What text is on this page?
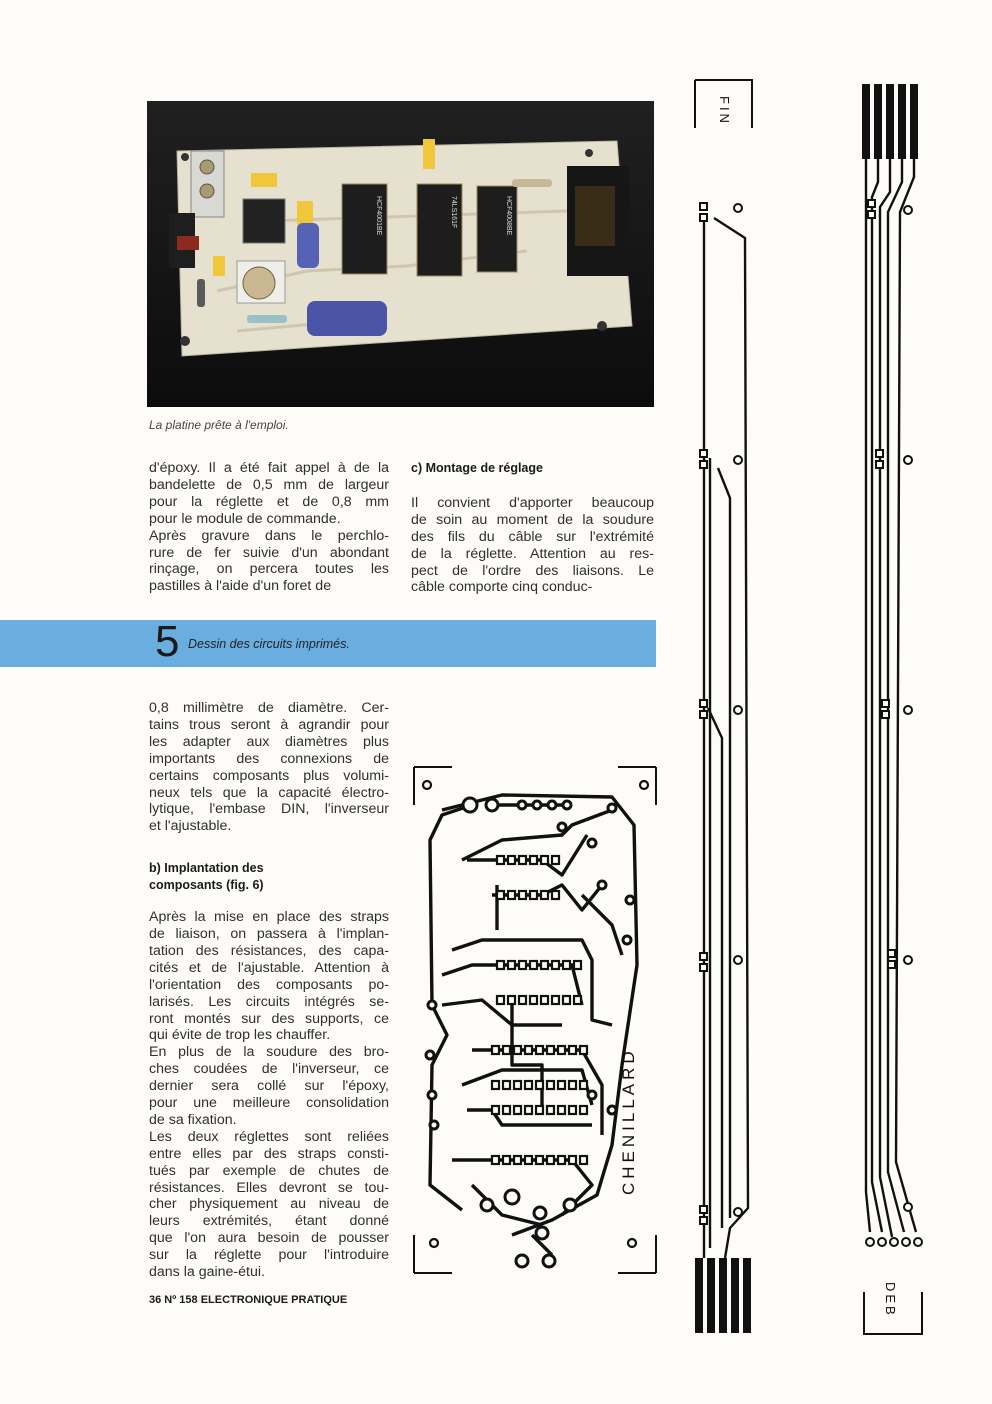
HCF4001BE	74LS161F	HCF4008BE
La platine prête à l'emploi.

d'époxy. Il a été fait appel à de la

bandelette de 0,5 mm de largeur

pour la réglette et de 0,8 mm

pour le module de commande.

Après gravure dans le perchlo-

rure de fer suivie d'un abondant

rinçage, on percera toutes les

pastilles à l'aide d'un foret de

c) Montage de réglage

Il convient d'apporter beaucoup

de soin au moment de la soudure

des fils du câble sur l'extrémité

de la réglette. Attention au res-

pect de l'ordre des liaisons. Le

câble comporte cinq conduc-

5 Dessin des circuits imprimés.

0,8 millimètre de diamètre. Cer-

tains trous seront à agrandir pour

les adapter aux diamètres plus

importants des connexions de

certains composants plus volumi-

neux tels que la capacité électro-

lytique, l'embase DIN, l'inverseur

et l'ajustable.

b) Implantation des

composants (fig. 6)

Après la mise en place des straps

de liaison, on passera à l'implan-

tation des résistances, des capa-

cités et de l'ajustable. Attention à

l'orientation des composants po-

larisés. Les circuits intégrés se-

ront montés sur des supports, ce

qui évite de trop les chauffer.

En plus de la soudure des bro-

ches coudées de l'inverseur, ce

dernier sera collé sur l'époxy,

pour une meilleure consolidation

de sa fixation.

Les deux réglettes sont reliées

entre elles par des straps consti-

tués par exemple de chutes de

résistances. Elles devront se tou-

cher physiquement au niveau de

leurs extrémités, étant donné

que l'on aura besoin de pousser

sur la réglette pour l'introduire

dans la gaine-étui.

CHENILLARD
FIN
DEB
36 Nº 158 ELECTRONIQUE PRATIQUE
